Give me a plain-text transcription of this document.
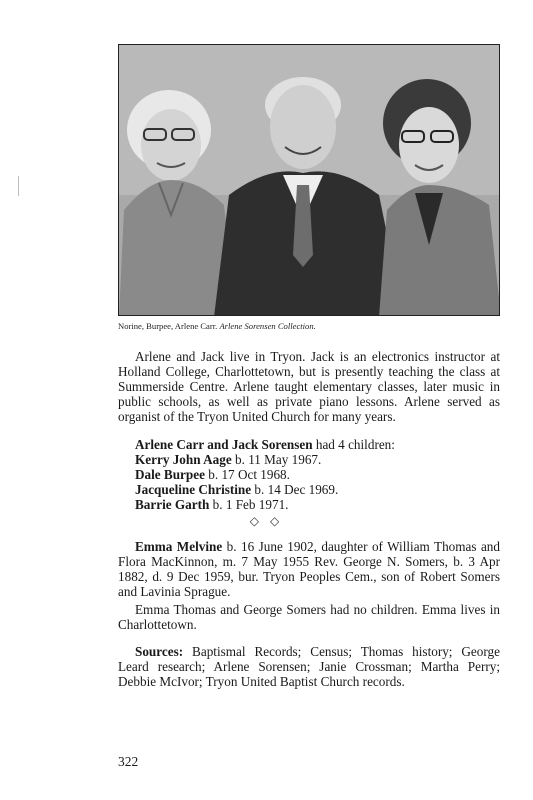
Norine, Burpee, Arlene Carr. Arlene Sorensen Collection.

Arlene and Jack live in Tryon. Jack is an electronics instructor at Holland College, Charlottetown, but is presently teaching the class at Summerside Centre. Arlene taught elementary classes, later music in public schools, as well as private piano lessons. Arlene served as organist of the Tryon United Church for many years.

Arlene Carr and Jack Sorensen had 4 children:
Kerry John Aage b. 11 May 1967.
Dale Burpee b. 17 Oct 1968.
Jacqueline Christine b. 14 Dec 1969.
Barrie Garth b. 1 Feb 1971.
◇ ◇

Emma Melvine b. 16 June 1902, daughter of William Thomas and Flora MacKinnon, m. 7 May 1955 Rev. George N. Somers, b. 3 Apr 1882, d. 9 Dec 1959, bur. Tryon Peoples Cem., son of Robert Somers and Lavinia Sprague.

Emma Thomas and George Somers had no children. Emma lives in Charlottetown.

Sources: Baptismal Records; Census; Thomas history; George Leard research; Arlene Sorensen; Janie Crossman; Martha Perry; Debbie McIvor; Tryon United Baptist Church records.

322
